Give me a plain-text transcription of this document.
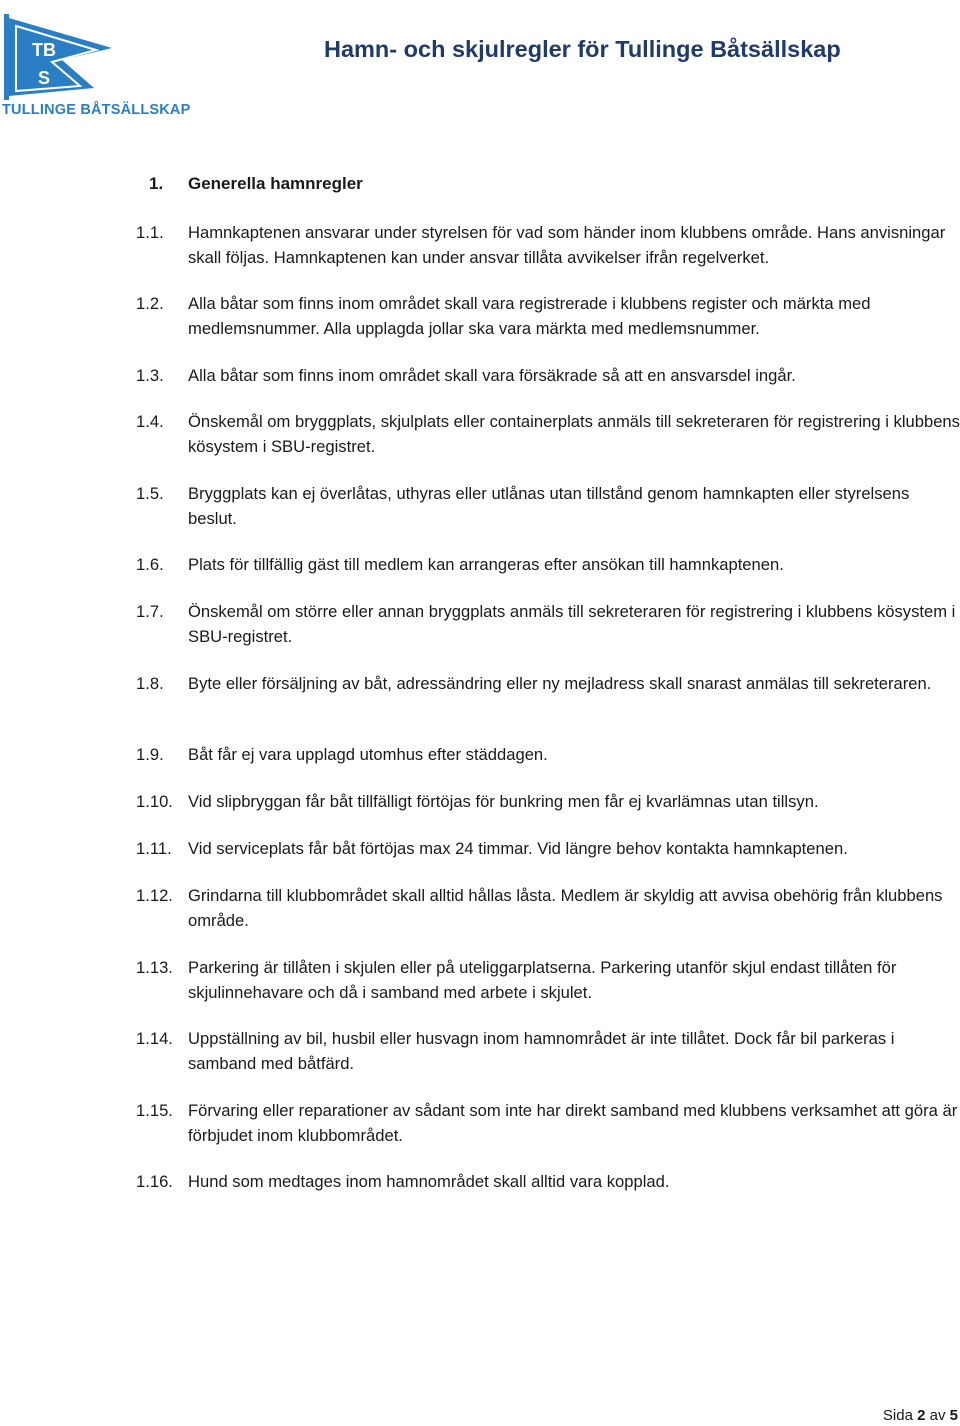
TB
S
TULLINGE BÅTSÄLLSKAP
Hamn- och skjulregler för Tullinge Båtsällskap
1. Generella hamnregler
1.1. Hamnkaptenen ansvarar under styrelsen för vad som händer inom klubbens område. Hans anvisningar skall följas. Hamnkaptenen kan under ansvar tillåta avvikelser ifrån regelverket.
1.2. Alla båtar som finns inom området skall vara registrerade i klubbens register och märkta med medlemsnummer. Alla upplagda jollar ska vara märkta med medlemsnummer.
1.3. Alla båtar som finns inom området skall vara försäkrade så att en ansvarsdel ingår.
1.4. Önskemål om bryggplats, skjulplats eller containerplats anmäls till sekreteraren för registrering i klubbens kösystem i SBU-registret.
1.5. Bryggplats kan ej överlåtas, uthyras eller utlånas utan tillstånd genom hamnkapten eller styrelsens beslut.
1.6. Plats för tillfällig gäst till medlem kan arrangeras efter ansökan till hamnkaptenen.
1.7. Önskemål om större eller annan bryggplats anmäls till sekreteraren för registrering i klubbens kösystem i SBU-registret.
1.8. Byte eller försäljning av båt, adressändring eller ny mejladress skall snarast anmälas till sekreteraren.
1.9. Båt får ej vara upplagd utomhus efter städdagen.
1.10. Vid slipbryggan får båt tillfälligt förtöjas för bunkring men får ej kvarlämnas utan tillsyn.
1.11. Vid serviceplats får båt förtöjas max 24 timmar. Vid längre behov kontakta hamnkaptenen.
1.12. Grindarna till klubbområdet skall alltid hållas låsta. Medlem är skyldig att avvisa obehörig från klubbens område.
1.13. Parkering är tillåten i skjulen eller på uteliggarplatserna. Parkering utanför skjul endast tillåten för skjulinnehavare och då i samband med arbete i skjulet.
1.14. Uppställning av bil, husbil eller husvagn inom hamnområdet är inte tillåtet. Dock får bil parkeras i samband med båtfärd.
1.15. Förvaring eller reparationer av sådant som inte har direkt samband med klubbens verksamhet att göra är förbjudet inom klubbområdet.
1.16. Hund som medtages inom hamnområdet skall alltid vara kopplad.
Sida 2 av 5
